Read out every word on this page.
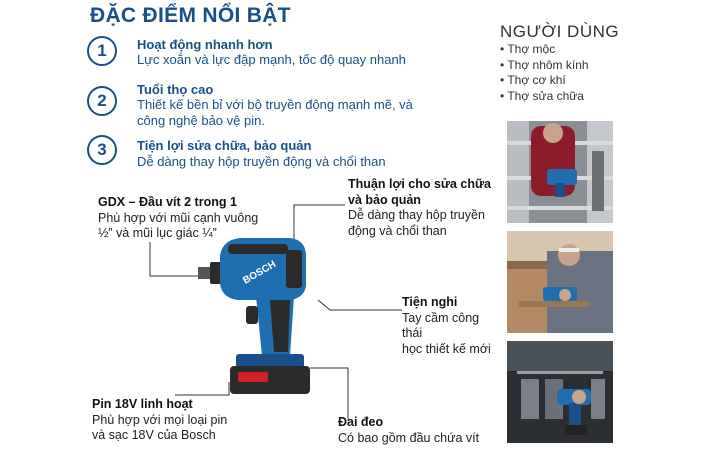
ĐẶC ĐIỂM NỔI BẬT
1	Hoạt động nhanh hơn
Lực xoắn và lực đập mạnh, tốc độ quay nhanh
2
Tuổi thọ cao
Thiết kế bền bỉ với bộ truyền động mạnh mẽ, và công nghệ bảo vệ pin.
3	Tiện lợi sửa chữa, bảo quản
Dễ dàng thay hộp truyền động và chổi than
NGƯỜI DÙNG
• Thợ mộc
• Thợ nhôm kính
• Thợ cơ khí
• Thợ sửa chữa
BOSCH
GDX – Đầu vít 2 trong 1
Phù hợp với mũi cạnh vuông
½” và mũi lục giác ¼”
Thuận lợi cho sửa chữa
và bảo quản
Dễ dàng thay hộp truyền
động và chổi than
Tiện nghi
Tay cầm công thái
học thiết kế mới
Pin 18V linh hoạt
Phù hợp với mọi loại pin
và sạc 18V của Bosch
Đai đeo
Có bao gồm đầu chứa vít
